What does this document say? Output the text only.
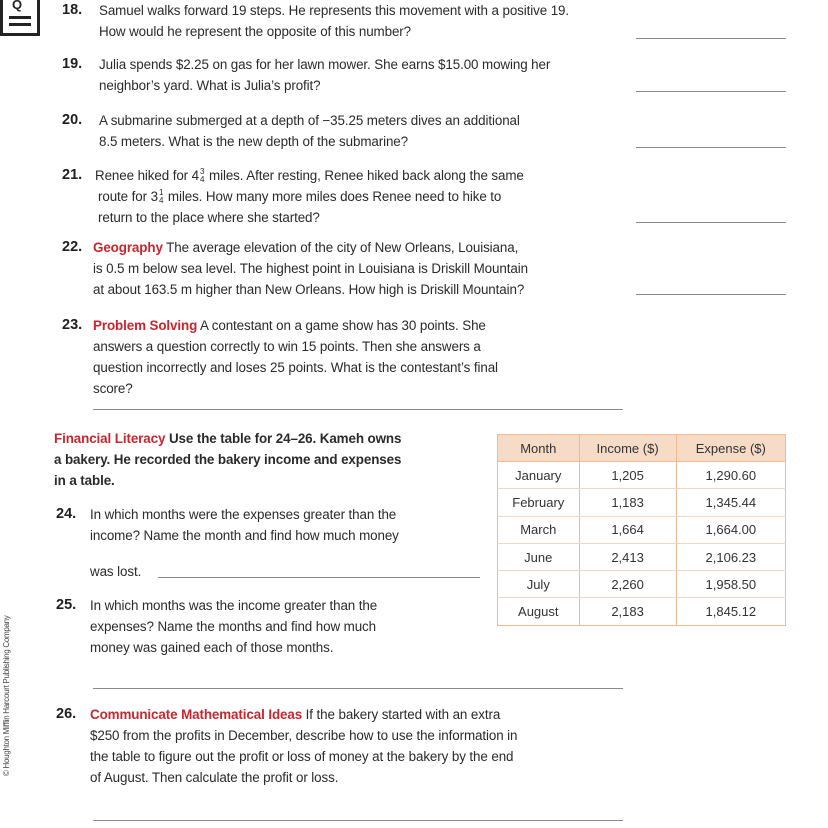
Q	18. Samuel walks forward 19 steps. He represents this movement with a positive 19.
How would he represent the opposite of this number?
19. Julia spends $2.25 on gas for her lawn mower. She earns $15.00 mowing her
neighbor’s yard. What is Julia’s profit?
20. A submarine submerged at a depth of −35.25 meters dives an additional
8.5 meters. What is the new depth of the submarine?
21. Renee hiked for 4 3
4 miles. After resting, Renee hiked back along the same
route for 3 1
4 miles. How many more miles does Renee need to hike to
return to the place where she started?
22. Geography The average elevation of the city of New Orleans, Louisiana,
is 0.5 m below sea level. The highest point in Louisiana is Driskill Mountain
at about 163.5 m higher than New Orleans. How high is Driskill Mountain?
23. Problem Solving A contestant on a game show has 30 points. She
answers a question correctly to win 15 points. Then she answers a
question incorrectly and loses 25 points. What is the contestant’s final
score?
Financial Literacy Use the table for 24–26. Kameh owns
a bakery. He recorded the bakery income and expenses
in a table.
24. In which months were the expenses greater than the
income? Name the month and find how much money
was lost.
25. In which months was the income greater than the
expenses? Name the months and find how much
money was gained each of those months.
26. Communicate Mathematical Ideas If the bakery started with an extra
$250 from the profits in December, describe how to use the information in
the table to figure out the profit or loss of money at the bakery by the end
of August. Then calculate the profit or loss.
Month	Income ($)	Expense ($)
January	1,205	1,290.60
February	1,183	1,345.44
March	1,664	1,664.00
June	2,413	2,106.23
July	2,260	1,958.50
August	2,183	1,845.12
© Houghton Mifflin Harcourt Publishing Company
